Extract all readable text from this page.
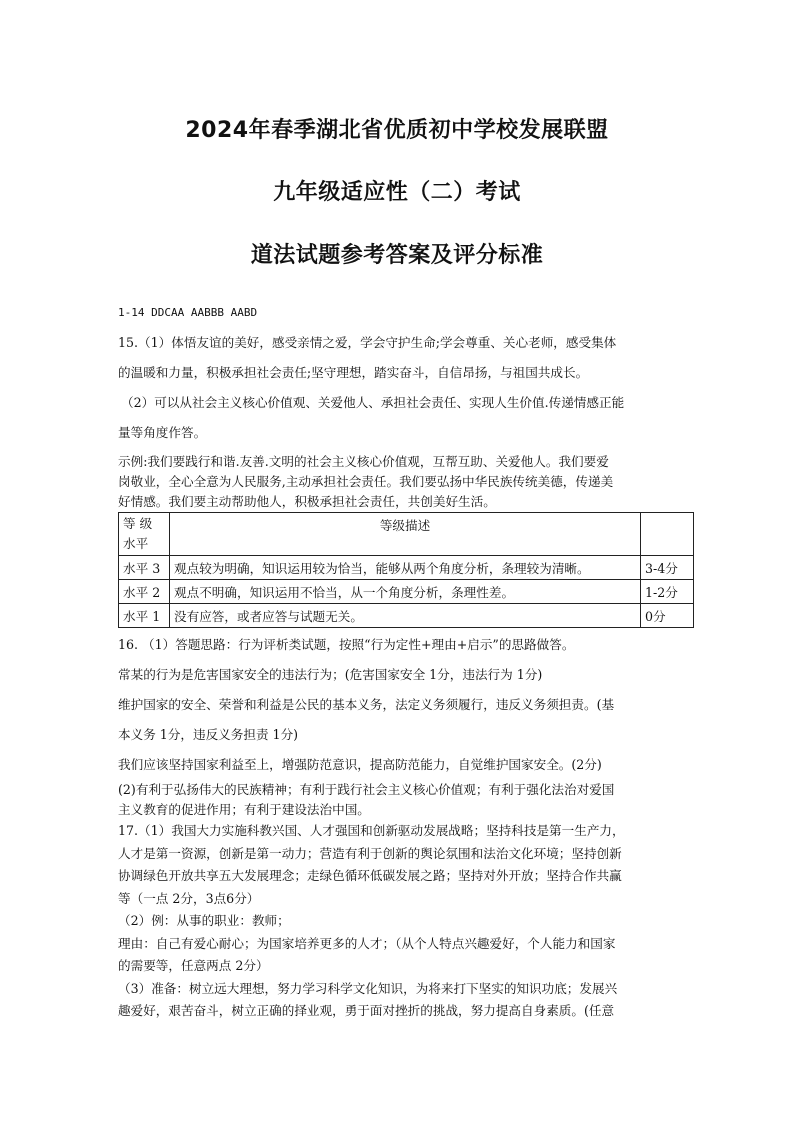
2024年春季湖北省优质初中学校发展联盟
九年级适应性（二）考试
道法试题参考答案及评分标准

1-14 DDCAA AABBB AABD

15.（1）体悟友谊的美好，感受亲情之爱，学会守护生命;学会尊重、关心老师，感受集体

的温暖和力量，积极承担社会责任;坚守理想，踏实奋斗，自信昂扬，与祖国共成长。

（2）可以从社会主义核心价值观、关爱他人、承担社会责任、实现人生价值.传递情感正能

量等角度作答。

示例:我们要践行和谐.友善.文明的社会主义核心价值观，互帮互助、关爱他人。我们要爱

岗敬业，全心全意为人民服务,主动承担社会责任。我们要弘扬中华民族传统美德，传递美

好情感。我们要主动帮助他人，积极承担社会责任，共创美好生活。

等 级
水平	等级描述	
水平 3	观点较为明确，知识运用较为恰当，能够从两个角度分析，条理较为清晰。	3-4分
水平 2	观点不明确，知识运用不恰当，从一个角度分析，条理性差。	1-2分
水平 1	没有应答，或者应答与试题无关。	0分

16. （1）答题思路：行为评析类试题，按照“行为定性+理由+启示”的思路做答。

常某的行为是危害国家安全的违法行为；(危害国家安全 1分，违法行为 1分)

维护国家的安全、荣誉和利益是公民的基本义务，法定义务须履行，违反义务须担责。(基

本义务 1分，违反义务担责 1分)

我们应该坚持国家利益至上，增强防范意识，提高防范能力，自觉维护国家安全。(2分)

(2)有利于弘扬伟大的民族精神；有利于践行社会主义核心价值观；有利于强化法治对爱国

主义教育的促进作用；有利于建设法治中国。

17.（1）我国大力实施科教兴国、人才强国和创新驱动发展战略；坚持科技是第一生产力，

人才是第一资源，创新是第一动力；营造有利于创新的舆论氛围和法治文化环境；坚持创新

协调绿色开放共享五大发展理念；走绿色循环低碳发展之路；坚持对外开放；坚持合作共赢

等（一点 2分，3点6分）

（2）例：从事的职业：教师；

理由：自己有爱心耐心；为国家培养更多的人才；（从个人特点兴趣爱好，个人能力和国家

的需要等，任意两点 2分）

（3）准备：树立远大理想，努力学习科学文化知识，为将来打下坚实的知识功底；发展兴

趣爱好，艰苦奋斗，树立正确的择业观，勇于面对挫折的挑战，努力提高自身素质。(任意
